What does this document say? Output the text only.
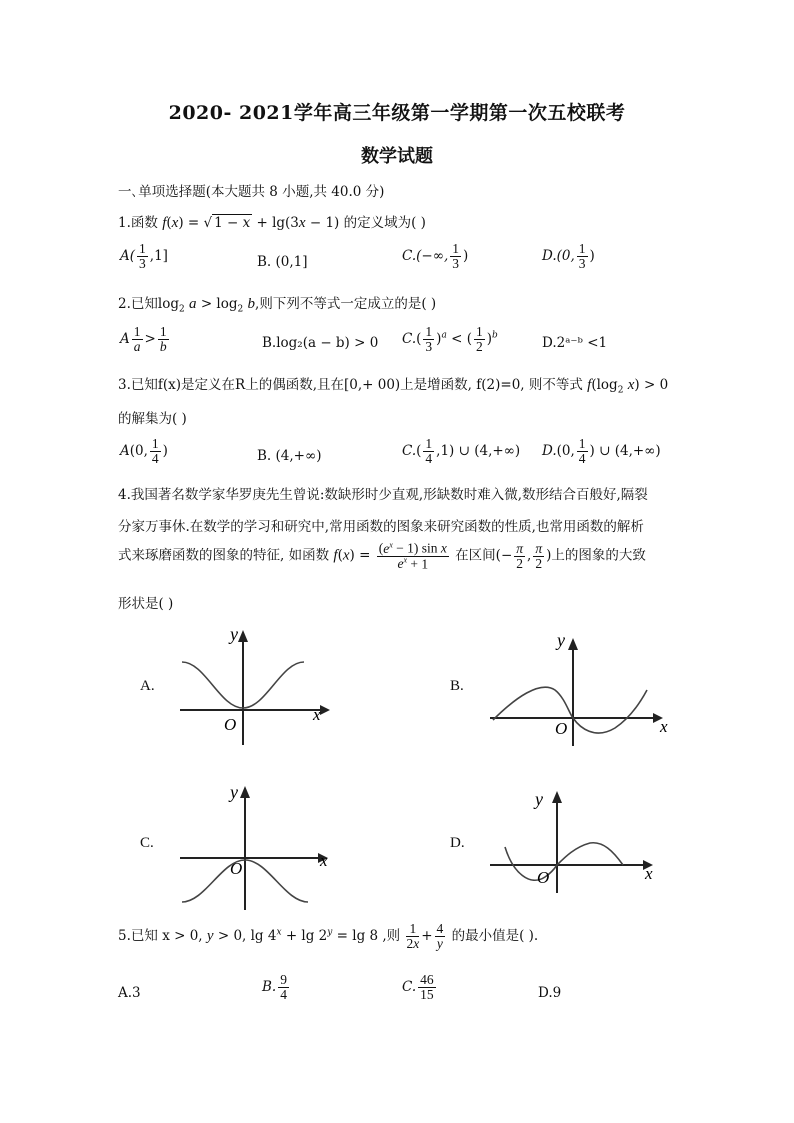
2020- 2021学年高三年级第一学期第一次五校联考
数学试题
一､单项选择题(本大题共 8 小题,共 40.0 分)
1.函数 f(x) = √ 1 − x + lg(3x − 1) 的定义域为( )
$A( \frac{1}{3} ,1]$	B. (0,1]	C.(−∞, $\frac{1}{3}$ )	D.(0, $\frac{1}{3}$ )
2.已知$\log_2 a > \log_2 b$,则下列不等式一定成立的是( )
A $\frac{1}{a} > \frac{1}{b}$	B.log₂(a − b) > 0 $C.( \frac{1}{3} )^a$ < ( $\frac{1}{2} )^b$	D.2ᵃ⁻ᵇ <1
3.已知f(x)是定义在R上的偶函数,且在[0,+ 00)上是增函数, f(2)=0, 则不等式 $f(\log_2$ x) > 0
的解集为( )
A(0, $\frac{1}{4}$ )	B. (4,+∞)	$C.( \frac{1}{4} ,1)$ ∪ (4,+∞) D.(0, $\frac{1}{4}$ ) ∪ (4,+∞)
4.我国著名数学家华罗庚先生曾说:数缺形时少直观,形缺数时难入微,数形结合百般好,隔裂
分家万事休.在数学的学习和研究中,常用函数的图象来研究函数的性质,也常用函数的解析
式来琢磨函数的图象的特征, 如函数 $f(x) = \frac{(e^x - 1) \sin x}{e^x + 1}$ 在区间(− $\frac{\pi}{2}$ , $\frac{\pi}{2}$ )上的图象的大致
形状是( )
A.
y
x
O
B.
y
x
O
C.
y
x
O
D.
y
x
O
5.已知 x > 0, y > 0, $\lg 4^x + \lg 2^y = \lg 8$ ,则 $\frac{1}{2x} + \frac{4}{y}$ 的最小值是( ).
A.3	B. $\frac{9}{4}$	C. $\frac{46}{15}$	D.9
